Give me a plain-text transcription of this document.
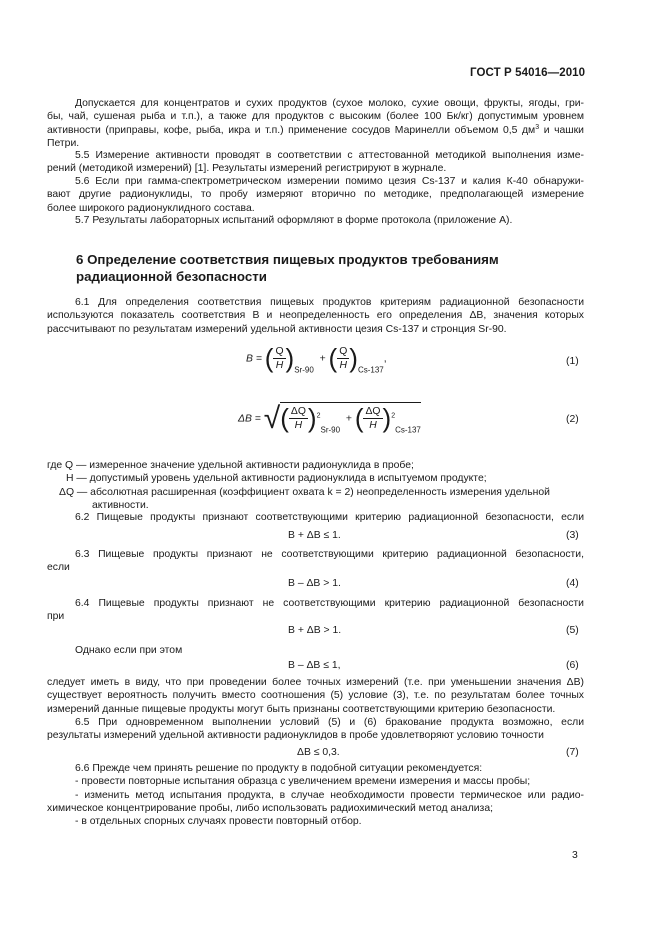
ГОСТ Р 54016—2010
Допускается для концентратов и сухих продуктов (сухое молоко, сухие овощи, фрукты, ягоды, гри-
бы, чай, сушеная рыба и т.п.), а также для продуктов с высоким (более 100 Бк/кг) допустимым уровнем
активности (приправы, кофе, рыба, икра и т.п.) применение сосудов Маринелли объемом 0,5 $дм^3$ и чашки
Петри.
5.5 Измерение активности проводят в соответствии с аттестованной методикой выполнения изме-
рений (методикой измерений) [1]. Результаты измерений регистрируют в журнале.
5.6 Если при гамма-спектрометрическом измерении помимо цезия Cs-137 и калия К-40 обнаружи-
вают другие радионуклиды, то пробу измеряют вторично по методике, предполагающей измерение
более широкого радионуклидного состава.
5.7 Результаты лабораторных испытаний оформляют в форме протокола (приложение А).
6 Определение соответствия пищевых продуктов требованиям
радиационной безопасности
6.1 Для определения соответствия пищевых продуктов критериям радиационной безопасности
используются показатель соответствия B и неопределенность его определения ΔB, значения которых
рассчитывают по результатам измерений удельной активности цезия Cs-137 и стронция Sr-90.
B = ( $\frac{Q}{H} )_{Sr-90}$  + ( $\frac{Q}{H} )_{Cs-137}$,	(1)
ΔB = √( $\frac{\Delta Q}{H} )^2_{Sr-90}$  + ( $\frac{\Delta Q}{H} )^2_{Cs-137}$
(2)
где Q — измеренное значение удельной активности радионуклида в пробе;
H — допустимый уровень удельной активности радионуклида в испытуемом продукте;
ΔQ — абсолютная расширенная (коэффициент охвата k = 2) неопределенность измерения удельной
активности.
6.2 Пищевые продукты признают соответствующими критерию радиационной безопасности, если
B + ΔB ≤ 1.	(3)
6.3 Пищевые продукты признают не соответствующими критерию радиационной безопасности,
если
B – ΔB > 1.	(4)
6.4 Пищевые продукты признают не соответствующими критерию радиационной безопасности
при
B + ΔB > 1.	(5)
Однако если при этом
B – ΔB ≤ 1,	(6)
следует иметь в виду, что при проведении более точных измерений (т.е. при уменьшении значения ΔB)
существует вероятность получить вместо соотношения (5) условие (3), т.е. по результатам более точных
измерений данные пищевые продукты могут быть признаны соответствующими критерию безопасности.
6.5 При одновременном выполнении условий (5) и (6) бракование продукта возможно, если
результаты измерений удельной активности радионуклидов в пробе удовлетворяют условию точности
ΔB ≤ 0,3.	(7)
6.6 Прежде чем принять решение по продукту в подобной ситуации рекомендуется:
- провести повторные испытания образца с увеличением времени измерения и массы пробы;
- изменить метод испытания продукта, в случае необходимости провести термическое или радио-
химическое концентрирование пробы, либо использовать радиохимический метод анализа;
- в отдельных спорных случаях провести повторный отбор.
3
